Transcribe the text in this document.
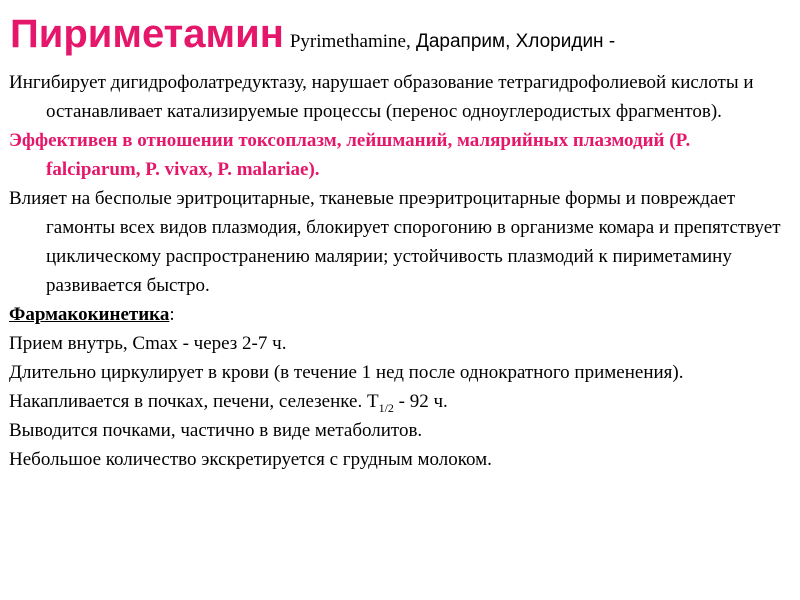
Пириметамин Pyrimethamine, Дараприм, Хлоридин -

Ингибирует дигидрофолатредуктазу, нарушает образование тетрагидрофолиевой кислоты и останавливает катализируемые процессы (перенос одноуглеродистых фрагментов).

Эффективен в отношении токсоплазм, лейшманий, малярийных плазмодий (P. falciparum, P. vivax, P. malariae).

Влияет на бесполые эритроцитарные, тканевые преэритроцитарные формы и повреждает гамонты всех видов плазмодия, блокирует спорогонию в организме комара и препятствует циклическому распространению малярии; устойчивость плазмодий к пириметамину развивается быстро.

Фармакокинетика:

Прием внутрь, Cmax - через 2-7 ч.

Длительно циркулирует в крови (в течение 1 нед после однократного применения).

Накапливается в почках, печени, селезенке. $Т_{1/2} - 92$ ч.

Выводится почками, частично в виде метаболитов.

Небольшое количество экскретируется с грудным молоком.
